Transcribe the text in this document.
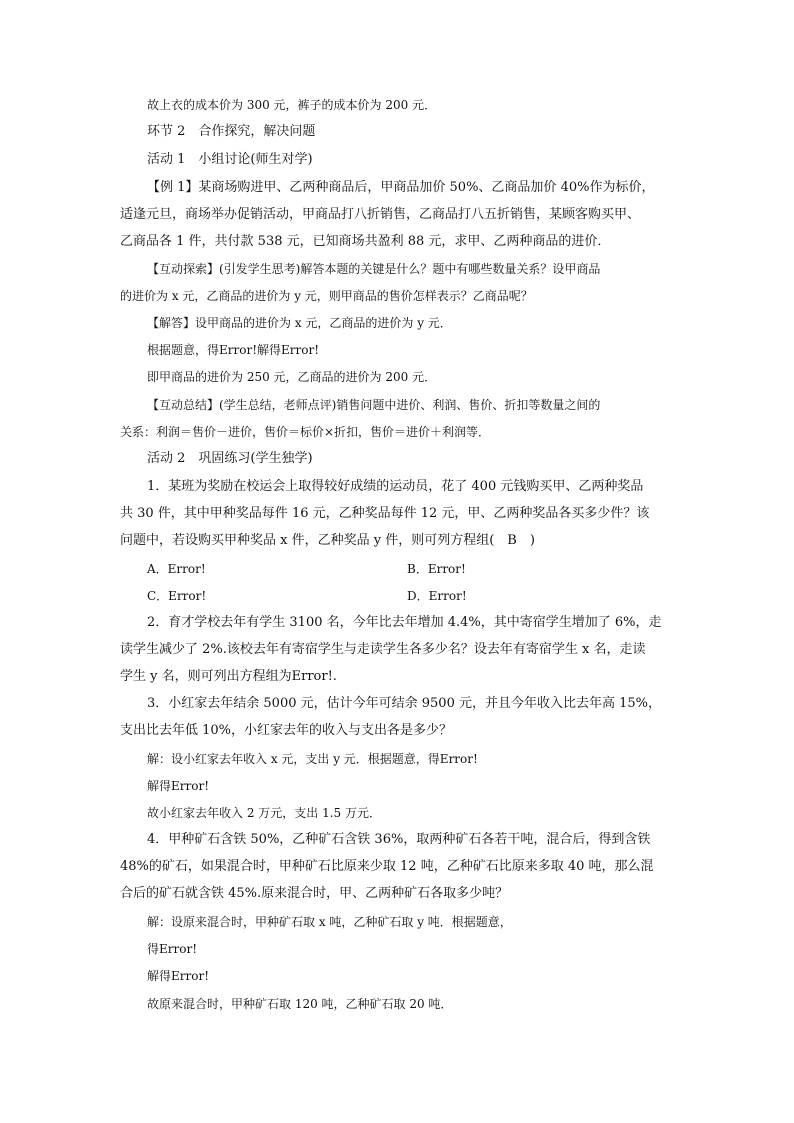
故上衣的成本价为 300 元，裤子的成本价为 200 元．
环节 2　合作探究，解决问题
活动 1　小组讨论(师生对学)
【例 1】某商场购进甲、乙两种商品后，甲商品加价 50%、乙商品加价 40%作为标价，
适逢元旦，商场举办促销活动，甲商品打八折销售，乙商品打八五折销售，某顾客购买甲、
乙商品各 1 件，共付款 538 元，已知商场共盈利 88 元，求甲、乙两种商品的进价．
【互动探索】(引发学生思考)解答本题的关键是什么？题中有哪些数量关系？设甲商品
的进价为 x 元，乙商品的进价为 y 元，则甲商品的售价怎样表示？乙商品呢？
【解答】设甲商品的进价为 x 元，乙商品的进价为 y 元．
根据题意，得Error!解得Error!
即甲商品的进价为 250 元，乙商品的进价为 200 元．
【互动总结】(学生总结，老师点评)销售问题中进价、利润、售价、折扣等数量之间的
关系：利润＝售价－进价，售价＝标价×折扣，售价＝进价＋利润等．
活动 2　巩固练习(学生独学)
1．某班为奖励在校运会上取得较好成绩的运动员，花了 400 元钱购买甲、乙两种奖品
共 30 件，其中甲种奖品每件 16 元，乙种奖品每件 12 元，甲、乙两种奖品各买多少件？该
问题中，若设购买甲种奖品 x 件，乙种奖品 y 件，则可列方程组(　B　)
A．Error!	B．Error!
C．Error!	D．Error!
2．育才学校去年有学生 3100 名，今年比去年增加 4.4%，其中寄宿学生增加了 6%，走
读学生减少了 2%.该校去年有寄宿学生与走读学生各多少名？设去年有寄宿学生 x 名，走读
学生 y 名，则可列出方程组为Error!.
3．小红家去年结余 5000 元，估计今年可结余 9500 元，并且今年收入比去年高 15%，
支出比去年低 10%，小红家去年的收入与支出各是多少？
解：设小红家去年收入 x 元，支出 y 元．根据题意，得Error!
解得Error!
故小红家去年收入 2 万元，支出 1.5 万元．
4．甲种矿石含铁 50%，乙种矿石含铁 36%，取两种矿石各若干吨，混合后，得到含铁
48%的矿石，如果混合时，甲种矿石比原来少取 12 吨，乙种矿石比原来多取 40 吨，那么混
合后的矿石就含铁 45%.原来混合时，甲、乙两种矿石各取多少吨？
解：设原来混合时，甲种矿石取 x 吨，乙种矿石取 y 吨．根据题意，
得Error!
解得Error!
故原来混合时，甲种矿石取 120 吨，乙种矿石取 20 吨．
